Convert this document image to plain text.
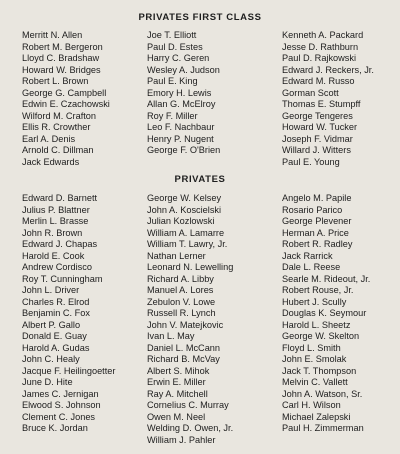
PRIVATES FIRST CLASS
Merritt N. Allen
Robert M. Bergeron
Lloyd C. Bradshaw
Howard W. Bridges
Robert L. Brown
George G. Campbell
Edwin E. Czachowski
Wilford M. Crafton
Ellis R. Crowther
Earl A. Denis
Arnold C. Dillman
Jack Edwards
Joe T. Elliott
Paul D. Estes
Harry C. Geren
Wesley A. Judson
Paul E. King
Emory H. Lewis
Allan G. McElroy
Roy F. Miller
Leo F. Nachbaur
Henry P. Nugent
George F. O'Brien
Kenneth A. Packard
Jesse D. Rathburn
Paul D. Rajkowski
Edward J. Reckers, Jr.
Edward M. Russo
Gorman Scott
Thomas E. Stumpff
George Tengeres
Howard W. Tucker
Joseph F. Vidmar
Willard J. Witters
Paul E. Young
PRIVATES
Edward D. Barnett
Julius P. Blattner
Merlin L. Brasse
John R. Brown
Edward J. Chapas
Harold E. Cook
Andrew Cordisco
Roy T. Cunningham
John L. Driver
Charles R. Elrod
Benjamin C. Fox
Albert P. Gallo
Donald E. Guay
Harold A. Gudas
John C. Healy
Jacque F. Heilingoetter
June D. Hite
James C. Jernigan
Elwood S. Johnson
Clement C. Jones
Bruce K. Jordan
George W. Kelsey
John A. Koscielski
Julian Kozlowski
William A. Lamarre
William T. Lawry, Jr.
Nathan Lerner
Leonard N. Lewelling
Richard A. Libby
Manuel A. Lores
Zebulon V. Lowe
Russell R. Lynch
John V. Matejkovic
Ivan L. May
Daniel L. McCann
Richard B. McVay
Albert S. Mihok
Erwin E. Miller
Ray A. Mitchell
Cornelius C. Murray
Owen M. Neel
Welding D. Owen, Jr.
William J. Pahler
Angelo M. Papile
Rosario Parico
George Plevener
Herman A. Price
Robert R. Radley
Jack Rarrick
Dale L. Reese
Searle M. Rideout, Jr.
Robert Rouse, Jr.
Hubert J. Scully
Douglas K. Seymour
Harold L. Sheetz
George W. Skelton
Floyd L. Smith
John E. Smolak
Jack T. Thompson
Melvin C. Vallett
John A. Watson, Sr.
Carl H. Wilson
Michael Zalepski
Paul H. Zimmerman
